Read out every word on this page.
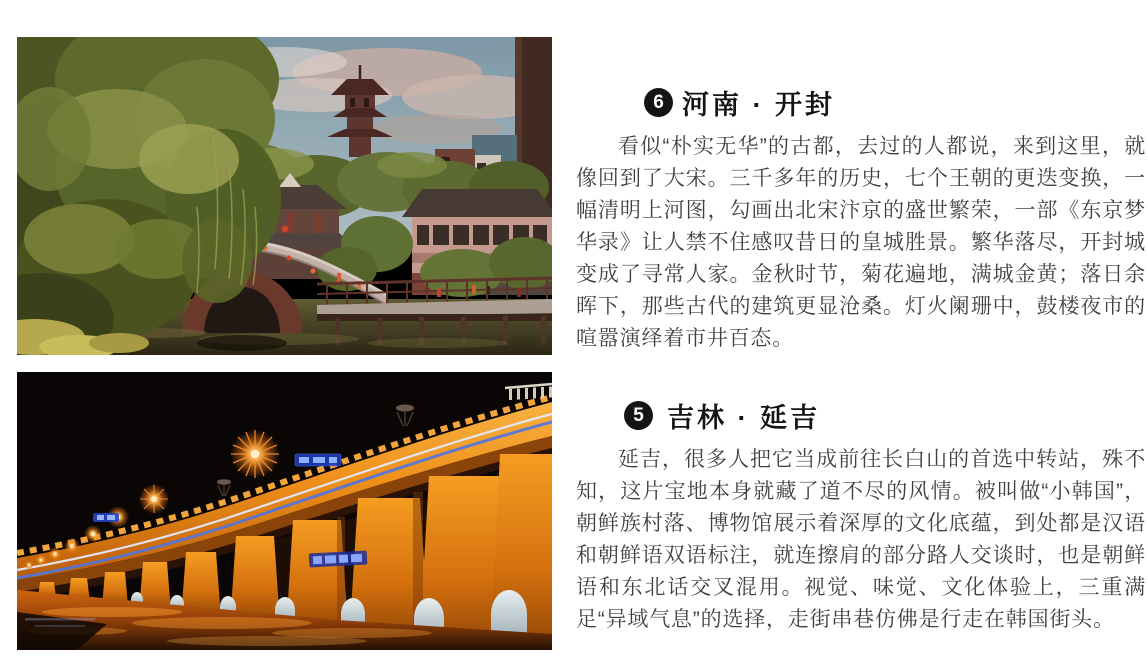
6 河南 · 开封
看似“朴实无华”的古都，去过的人都说，来到这里，就像回到了大宋。三千多年的历史，七个王朝的更迭变换，一幅清明上河图，勾画出北宋汴京的盛世繁荣，一部《东京梦华录》让人禁不住感叹昔日的皇城胜景。繁华落尽，开封城变成了寻常人家。金秋时节，菊花遍地，满城金黄；落日余晖下，那些古代的建筑更显沧桑。灯火阑珊中，鼓楼夜市的喧嚣演绎着市井百态。
5 吉林 · 延吉
延吉，很多人把它当成前往长白山的首选中转站，殊不知，这片宝地本身就藏了道不尽的风情。被叫做“小韩国”，朝鲜族村落、博物馆展示着深厚的文化底蕴，到处都是汉语和朝鲜语双语标注，就连擦肩的部分路人交谈时，也是朝鲜语和东北话交叉混用。视觉、味觉、文化体验上，三重满足“异域气息”的选择，走街串巷仿佛是行走在韩国街头。
